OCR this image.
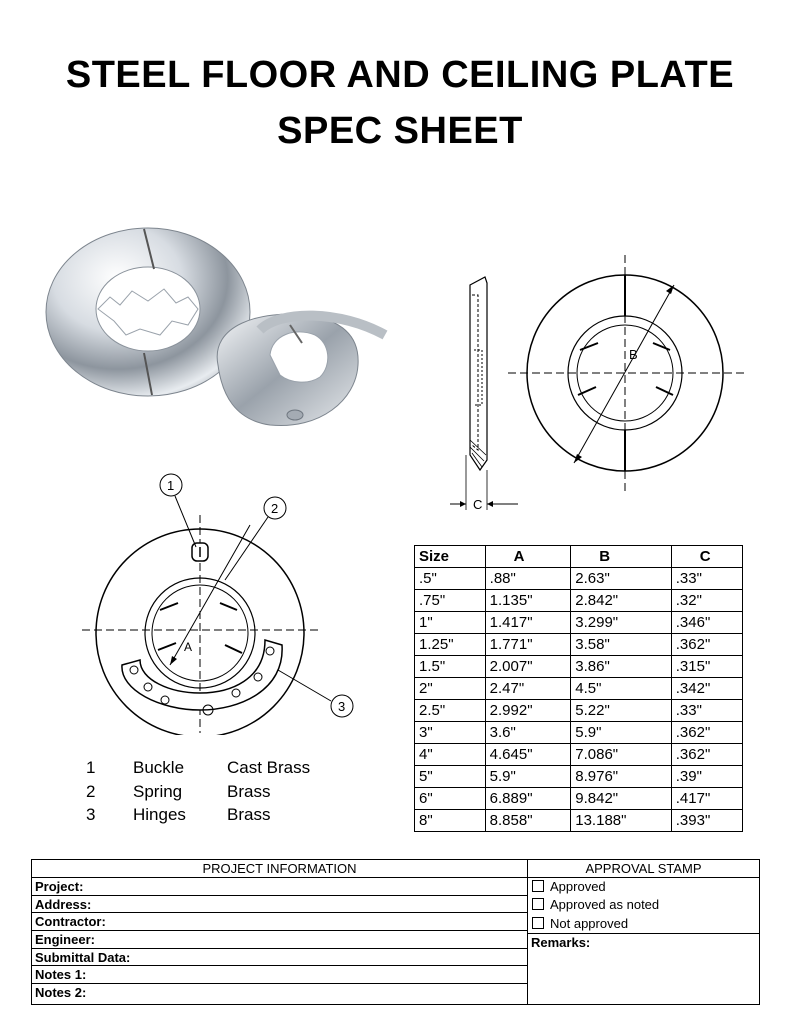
STEEL FLOOR AND CEILING PLATE
SPEC SHEET
C
B
A
1
2
3
1 Buckle	Cast Brass
2 Spring	Brass
3 Hinges Brass
Size	A	B	C
.5"	.88"	2.63"	.33"
.75"	1.135"	2.842"	.32"
1"	1.417"	3.299"	.346"
1.25"	1.771"	3.58"	.362"
1.5"	2.007"	3.86"	.315"
2"	2.47"	4.5"	.342"
2.5"	2.992"	5.22"	.33"
3"	3.6"	5.9"	.362"
4"	4.645"	7.086"	.362"
5"	5.9"	8.976"	.39"
6"	6.889"	9.842"	.417"
8"	8.858"	13.188"	.393"
PROJECT INFORMATION
Project:
Address:
Contractor:
Engineer:
Submittal Data:
Notes 1:
Notes 2:
APPROVAL STAMP
Approved
Approved as noted
Not approved
Remarks:
